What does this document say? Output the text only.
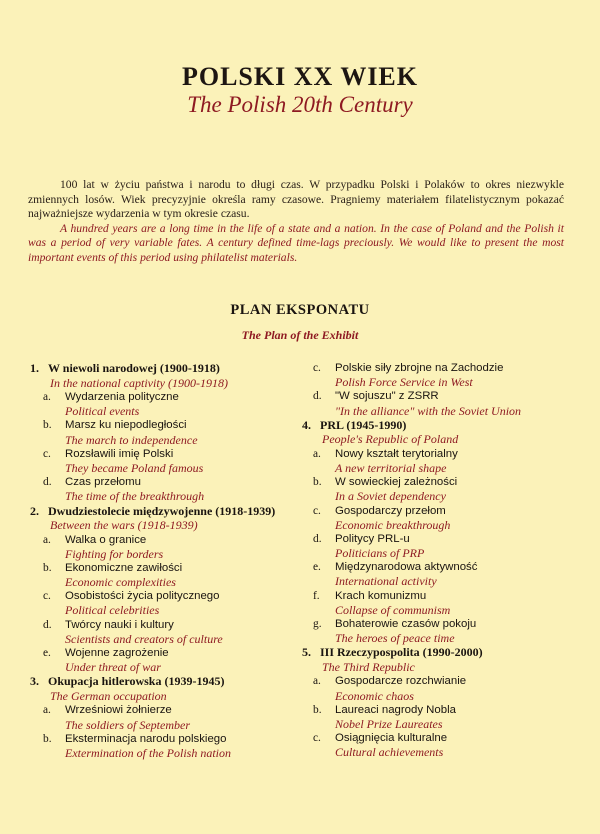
POLSKI XX WIEK
The Polish 20th Century

100 lat w życiu państwa i narodu to długi czas. W przypadku Polski i Polaków to okres niezwykle zmiennych losów. Wiek precyzyjnie określa ramy czasowe. Pragniemy materiałem filatelistycznym pokazać najważniejsze wydarzenia w tym okresie czasu.

A hundred years are a long time in the life of a state and a nation. In the case of Poland and the Polish it was a period of very variable fates. A century defined time-lags preciously. We would like to present the most important events of this period using philatelist materials.

PLAN EKSPONATU
The Plan of the Exhibit
1. W niewoli narodowej (1900-1918)
In the national captivity (1900-1918)
a. Wydarzenia polityczne
Political events
b. Marsz ku niepodległości
The march to independence
c. Rozsławili imię Polski
They became Poland famous
d. Czas przełomu
The time of the breakthrough
2. Dwudziestolecie międzywojenne (1918-1939)
Between the wars (1918-1939)
a. Walka o granice
Fighting for borders
b. Ekonomiczne zawiłości
Economic complexities
c. Osobistości życia politycznego
Political celebrities
d. Twórcy nauki i kultury
Scientists and creators of culture
e. Wojenne zagrożenie
Under threat of war
3. Okupacja hitlerowska (1939-1945)
The German occupation
a. Wrześniowi żołnierze
The soldiers of September
b. Eksterminacja narodu polskiego
Extermination of the Polish nation
c. Polskie siły zbrojne na Zachodzie
Polish Force Service in West
d. "W sojuszu" z ZSRR
"In the alliance" with the Soviet Union
4. PRL (1945-1990)
People's Republic of Poland
a. Nowy kształt terytorialny
A new territorial shape
b. W sowieckiej zależności
In a Soviet dependency
c. Gospodarczy przełom
Economic breakthrough
d. Politycy PRL-u
Politicians of PRP
e. Międzynarodowa aktywność
International activity
f. Krach komunizmu
Collapse of communism
g. Bohaterowie czasów pokoju
The heroes of peace time
5. III Rzeczypospolita (1990-2000)
The Third Republic
a. Gospodarcze rozchwianie
Economic chaos
b. Laureaci nagrody Nobla
Nobel Prize Laureates
c. Osiągnięcia kulturalne
Cultural achievements
